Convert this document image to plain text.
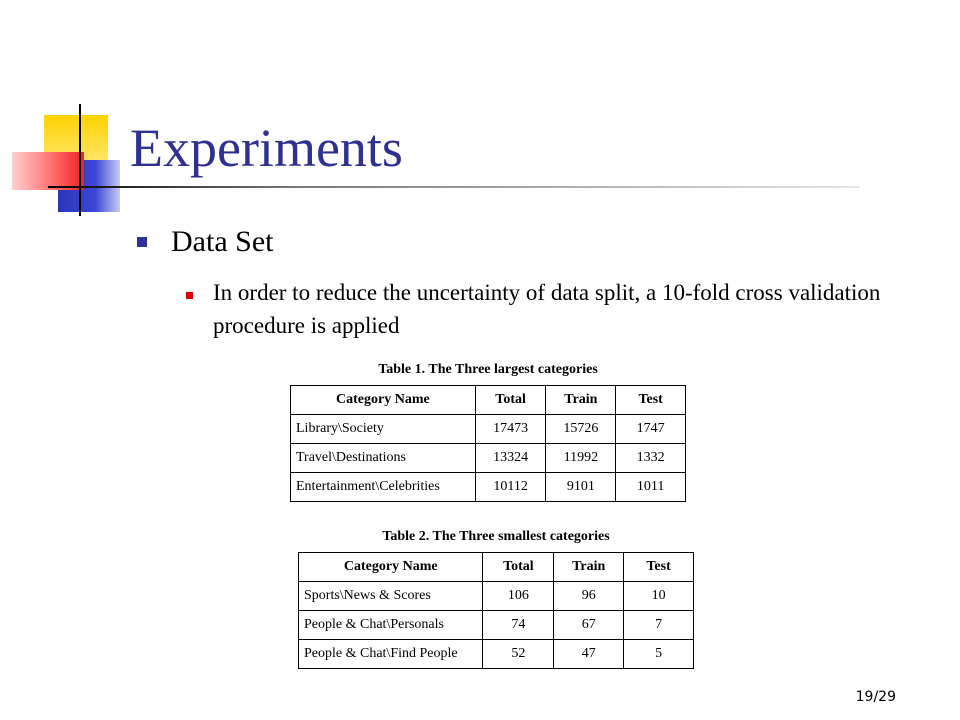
Experiments
Data Set
In order to reduce the uncertainty of data split, a 10-fold cross validation procedure is applied
Table 1. The Three largest categories
Category Name	Total	Train	Test
Library\Society	17473	15726	1747
Travel\Destinations	13324	11992	1332
Entertainment\Celebrities	10112	9101	1011
Table 2. The Three smallest categories
Category Name	Total	Train	Test
Sports\News & Scores	106	96	10
People & Chat\Personals	74	67	7
People & Chat\Find People	52	47	5
19/29
